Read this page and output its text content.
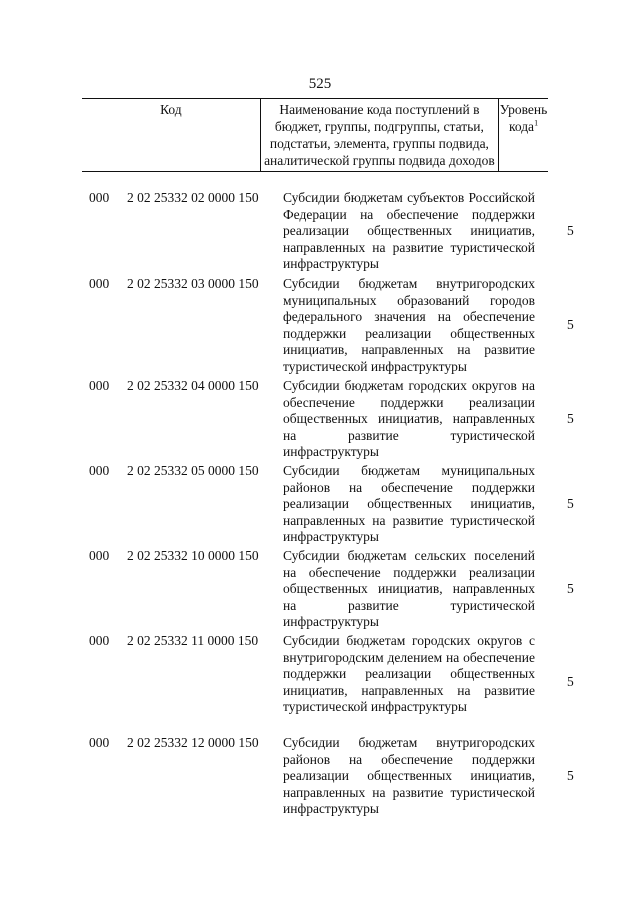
525
Код	Наименование кода поступлений в
бюджет, группы, подгруппы, статьи,
подстатьи, элемента, группы подвида,
аналитической группы подвида доходов
Уровень
кода$^1$
000 2 02 25332 02 0000 150 Субсидии бюджетам субъектов Российской Федерации на обеспечение поддержки реализации общественных инициатив, направленных на развитие туристической инфраструктуры
5
000 2 02 25332 03 0000 150 Субсидии бюджетам внутригородских муниципальных образований городов федерального значения на обеспечение поддержки реализации общественных инициатив, направленных на развитие туристической инфраструктуры
5
000 2 02 25332 04 0000 150 Субсидии бюджетам городских округов на обеспечение поддержки реализации общественных инициатив, направленных на развитие туристической инфраструктуры
5
000 2 02 25332 05 0000 150 Субсидии бюджетам муниципальных районов на обеспечение поддержки реализации общественных инициатив, направленных на развитие туристической инфраструктуры
5
000 2 02 25332 10 0000 150 Субсидии бюджетам сельских поселений на обеспечение поддержки реализации общественных инициатив, направленных на развитие туристической инфраструктуры
5
000 2 02 25332 11 0000 150 Субсидии бюджетам городских округов с внутригородским делением на обеспечение поддержки реализации общественных инициатив, направленных на развитие туристической инфраструктуры
5
000 2 02 25332 12 0000 150 Субсидии бюджетам внутригородских районов на обеспечение поддержки реализации общественных инициатив, направленных на развитие туристической инфраструктуры
5
